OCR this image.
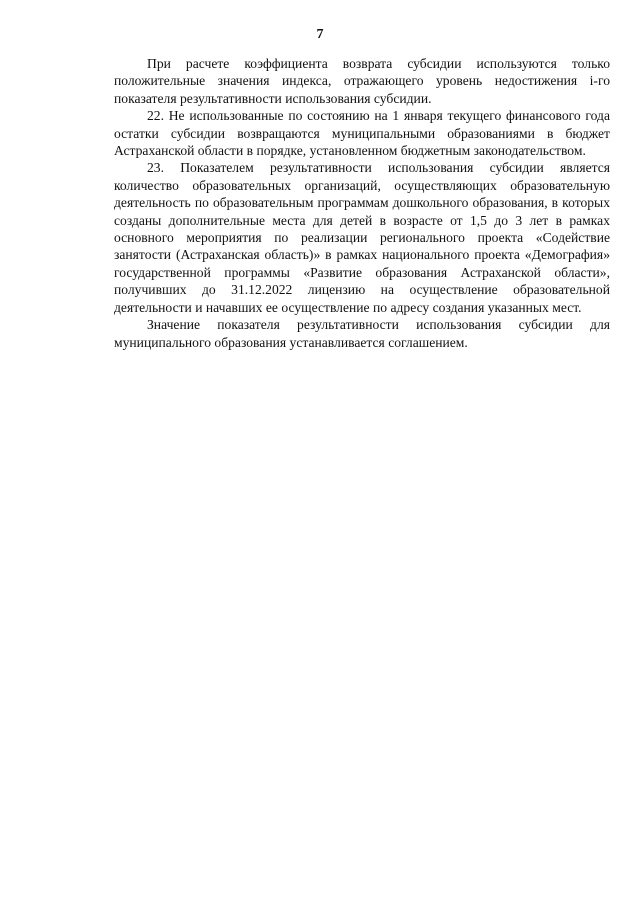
7

При расчете коэффициента возврата субсидии используются только положительные значения индекса, отражающего уровень недостижения i-го показателя результативности использования субсидии.

22. Не использованные по состоянию на 1 января текущего финансового года остатки субсидии возвращаются муниципальными образованиями в бюджет Астраханской области в порядке, установленном бюджетным законодательством.

23. Показателем результативности использования субсидии является количество образовательных организаций, осуществляющих образовательную деятельность по образовательным программам дошкольного образования, в которых созданы дополнительные места для детей в возрасте от 1,5 до 3 лет в рамках основного мероприятия по реализации регионального проекта «Содействие занятости (Астраханская область)» в рамках национального проекта «Демография» государственной программы «Развитие образования Астраханской области», получивших до 31.12.2022 лицензию на осуществление образовательной деятельности и начавших ее осуществление по адресу создания указанных мест.

Значение показателя результативности использования субсидии для муниципального образования устанавливается соглашением.
